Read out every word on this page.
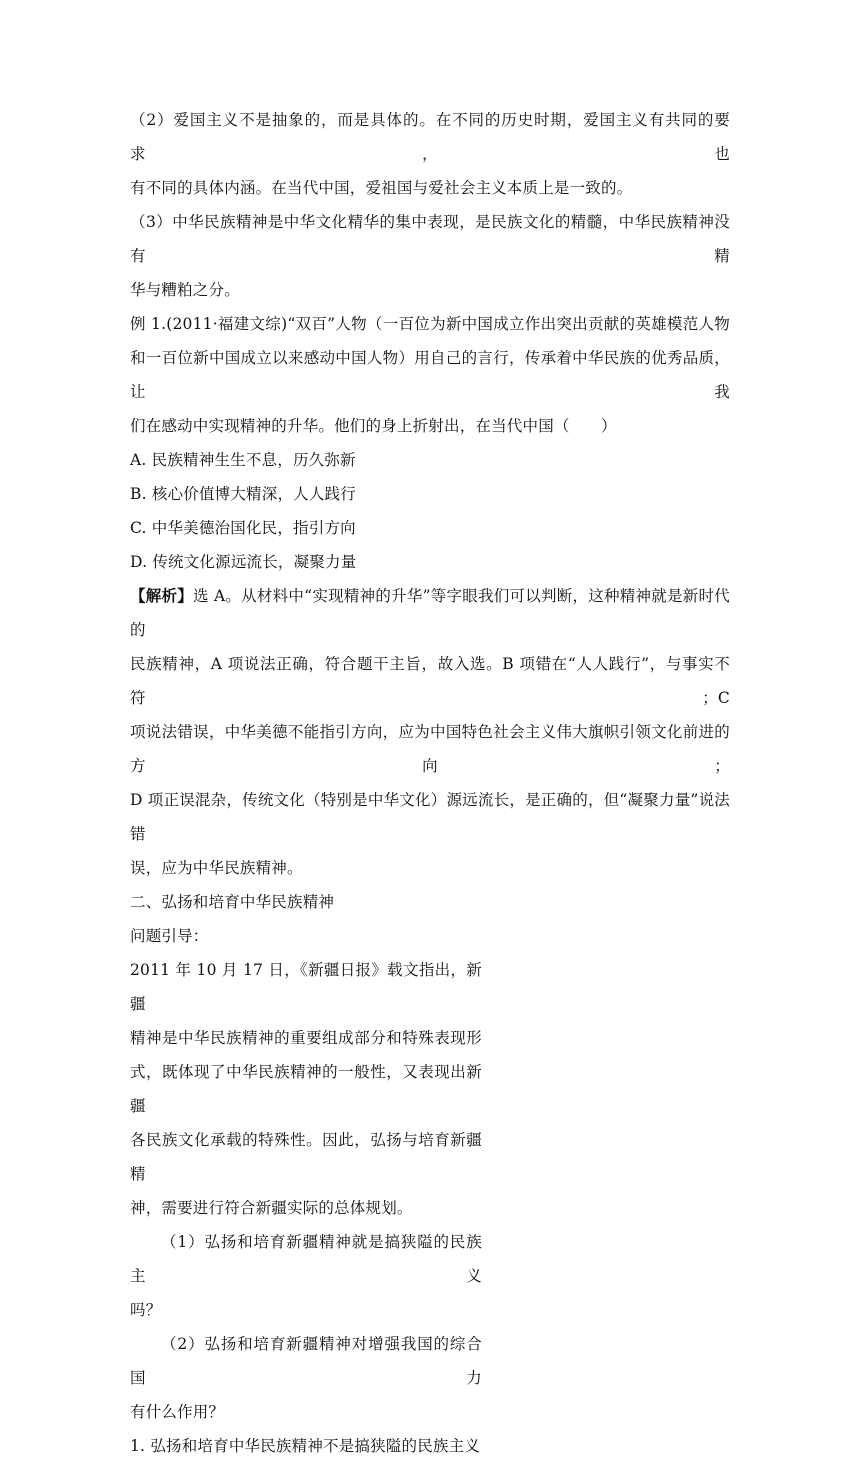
（2）爱国主义不是抽象的，而是具体的。在不同的历史时期，爱国主义有共同的要求，也
有不同的具体内涵。在当代中国，爱祖国与爱社会主义本质上是一致的。
（3）中华民族精神是中华文化精华的集中表现，是民族文化的精髓，中华民族精神没有精
华与糟粕之分。
例 1.(2011·福建文综)“双百”人物（一百位为新中国成立作出突出贡献的英雄模范人物
和一百位新中国成立以来感动中国人物）用自己的言行，传承着中华民族的优秀品质，让我
们在感动中实现精神的升华。他们的身上折射出，在当代中国（　　）
A. 民族精神生生不息，历久弥新
B. 核心价值博大精深，人人践行
C. 中华美德治国化民，指引方向
D. 传统文化源远流长，凝聚力量
【解析】选 A。从材料中“实现精神的升华”等字眼我们可以判断，这种精神就是新时代的
民族精神，A 项说法正确，符合题干主旨，故入选。B 项错在“人人践行”，与事实不符；C
项说法错误，中华美德不能指引方向，应为中国特色社会主义伟大旗帜引领文化前进的方向；
D 项正误混杂，传统文化（特别是中华文化）源远流长，是正确的，但“凝聚力量”说法错
误，应为中华民族精神。
二、弘扬和培育中华民族精神
问题引导：
2011 年 10 月 17 日，《新疆日报》载文指出，新疆
精神是中华民族精神的重要组成部分和特殊表现形
式，既体现了中华民族精神的一般性，又表现出新疆
各民族文化承载的特殊性。因此，弘扬与培育新疆精
神，需要进行符合新疆实际的总体规划。
（1）弘扬和培育新疆精神就是搞狭隘的民族主义
吗？
（2）弘扬和培育新疆精神对增强我国的综合国力
有什么作用？
1. 弘扬和培育中华民族精神不是搞狭隘的民族主义
